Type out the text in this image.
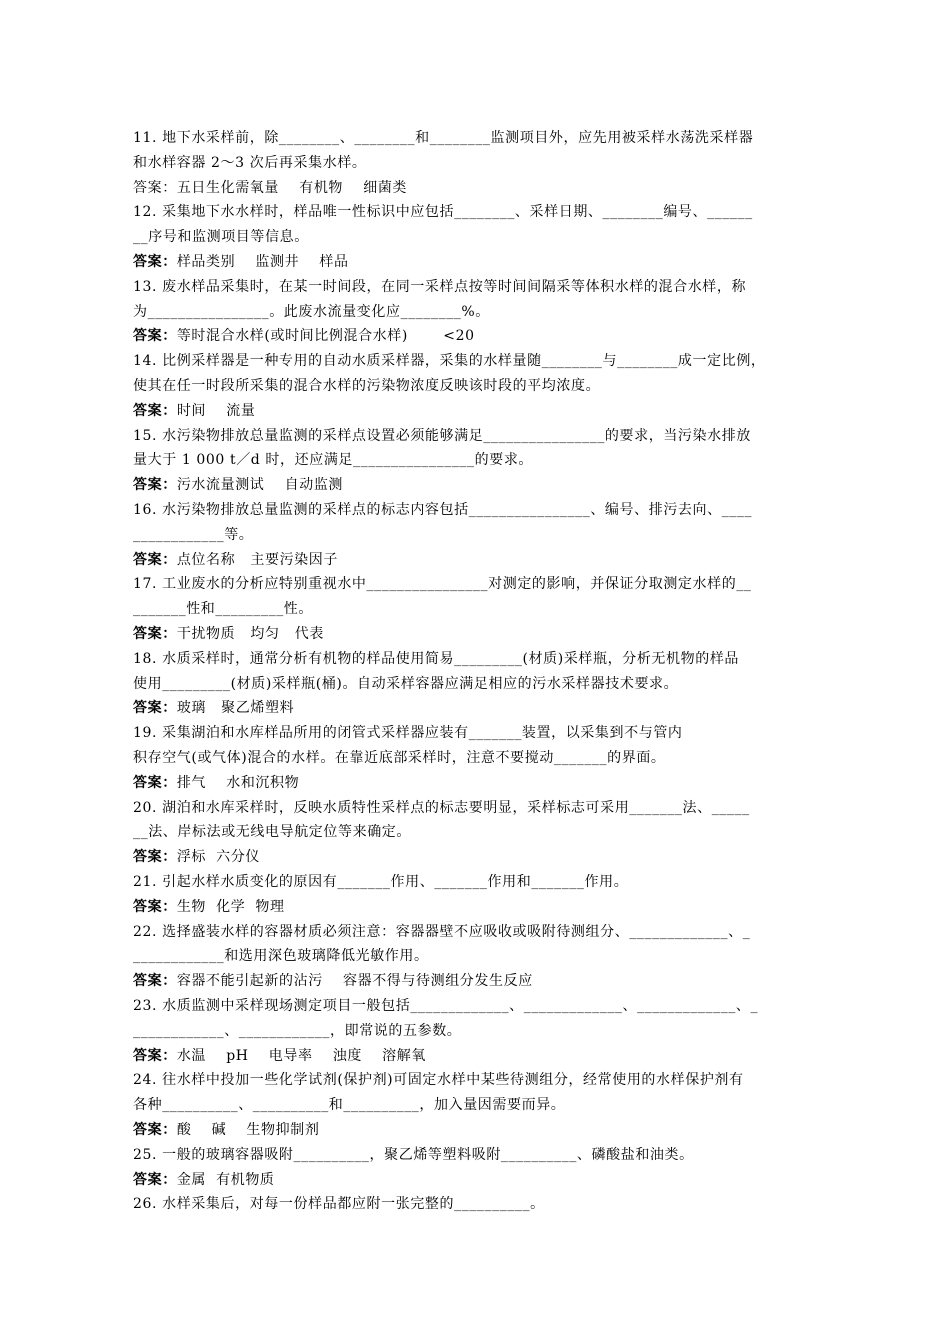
11. 地下水采样前，除________、________和________监测项目外，应先用被采样水荡洗采样器
和水样容器 2～3 次后再采集水样。
答案：五日生化需氧量    有机物    细菌类
12. 采集地下水水样时，样品唯一性标识中应包括________、采样日期、________编号、______
__序号和监测项目等信息。
答案：样品类别    监测井    样品
13. 废水样品采集时，在某一时间段，在同一采样点按等时间间隔采等体积水样的混合水样，称
为________________。此废水流量变化应________%。
答案：等时混合水样(或时间比例混合水样)       <20
14. 比例采样器是一种专用的自动水质采样器，采集的水样量随________与________成一定比例，
使其在任一时段所采集的混合水样的污染物浓度反映该时段的平均浓度。
答案：时间    流量
15. 水污染物排放总量监测的采样点设置必须能够满足________________的要求，当污染水排放
量大于 1 000 t／d 时，还应满足________________的要求。
答案：污水流量测试    自动监测
16. 水污染物排放总量监测的采样点的标志内容包括________________、编号、排污去向、____
____________等。
答案：点位名称   主要污染因子
17. 工业废水的分析应特别重视水中________________对测定的影响，并保证分取测定水样的__
_______性和_________性。
答案：干扰物质   均匀   代表
18. 水质采样时，通常分析有机物的样品使用简易_________(材质)采样瓶，分析无机物的样品
使用_________(材质)采样瓶(桶)。自动采样容器应满足相应的污水采样器技术要求。
答案：玻璃   聚乙烯塑料
19. 采集湖泊和水库样品所用的闭管式采样器应装有_______装置，以采集到不与管内
积存空气(或气体)混合的水样。在靠近底部采样时，注意不要搅动_______的界面。
答案：排气    水和沉积物
20. 湖泊和水库采样时，反映水质特性采样点的标志要明显，采样标志可采用_______法、_____
__法、岸标法或无线电导航定位等来确定。
答案：浮标  六分仪
21. 引起水样水质变化的原因有_______作用、_______作用和_______作用。
答案：生物  化学  物理
22. 选择盛装水样的容器材质必须注意：容器器壁不应吸收或吸附待测组分、_____________、_
____________和选用深色玻璃降低光敏作用。
答案：容器不能引起新的沾污    容器不得与待测组分发生反应
23. 水质监测中采样现场测定项目一般包括_____________、_____________、_____________、_
____________、____________，即常说的五参数。
答案：水温    pH    电导率    浊度    溶解氧
24. 往水样中投加一些化学试剂(保护剂)可固定水样中某些待测组分，经常使用的水样保护剂有
各种__________、__________和__________，加入量因需要而异。
答案：酸    碱    生物抑制剂
25. 一般的玻璃容器吸附__________，聚乙烯等塑料吸附__________、磷酸盐和油类。
答案：金属  有机物质
26. 水样采集后，对每一份样品都应附一张完整的__________。
